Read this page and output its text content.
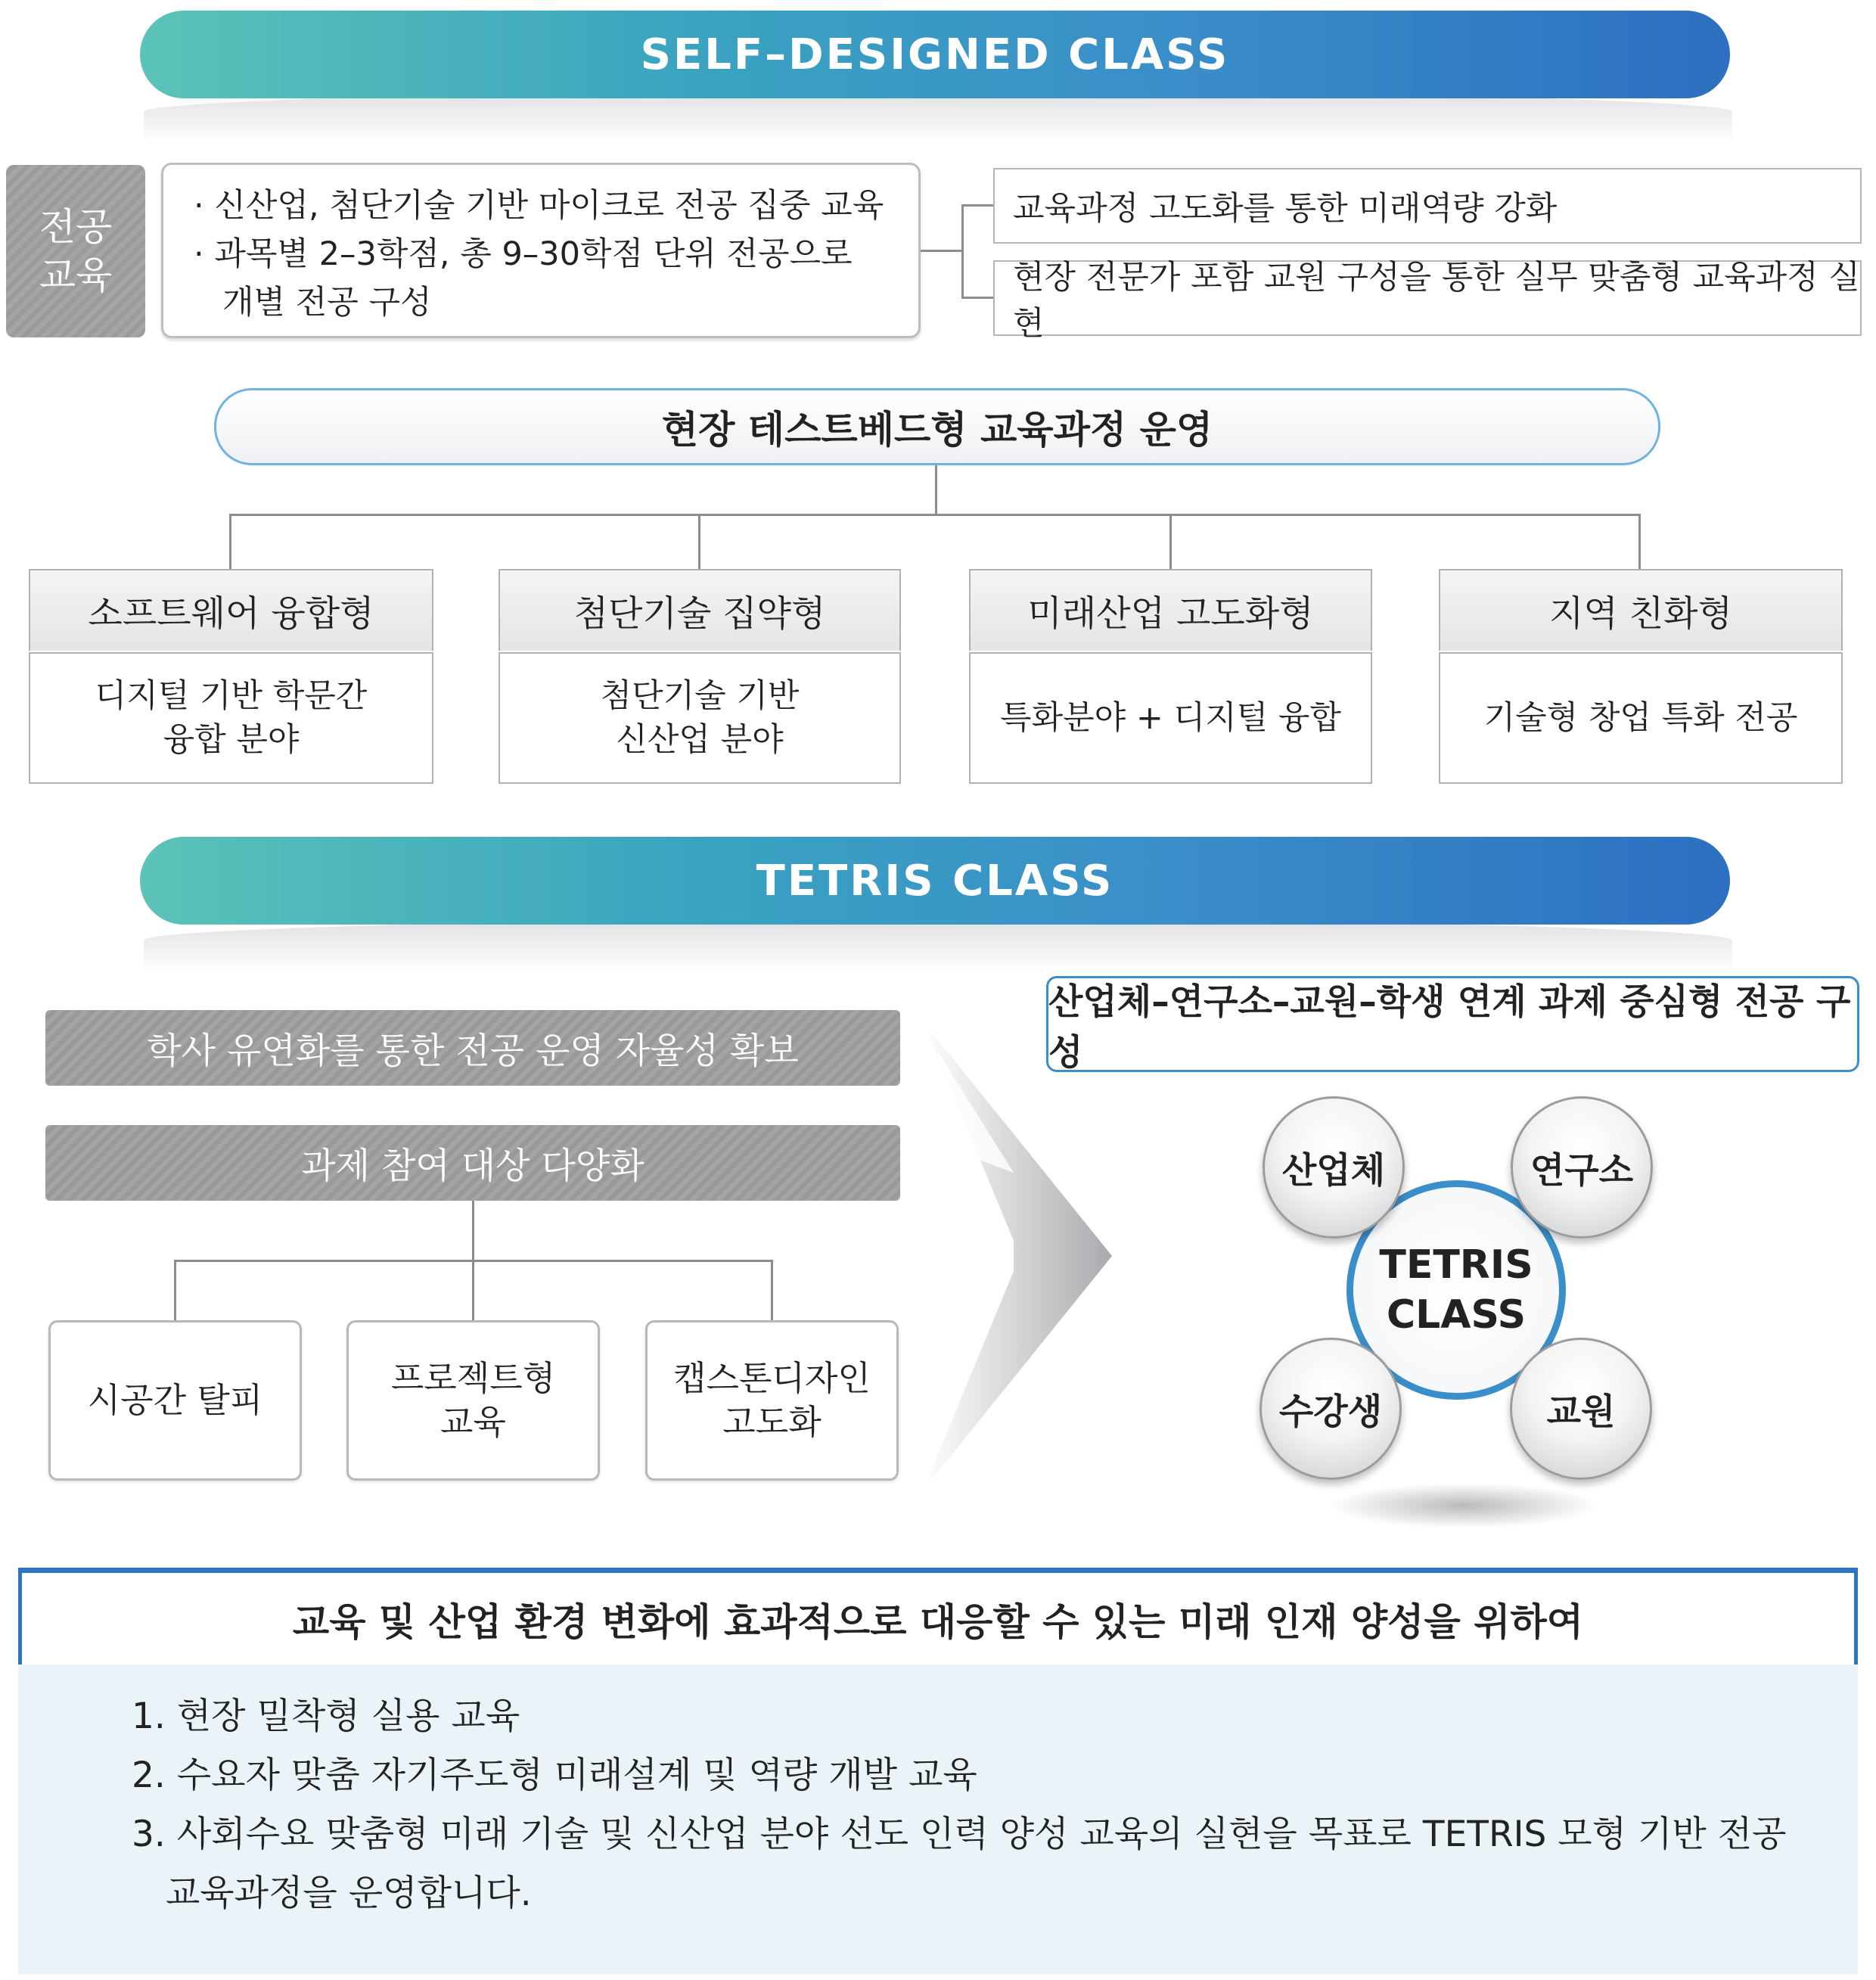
SELF–DESIGNED CLASS
전공
교육
· 신산업, 첨단기술 기반 마이크로 전공 집중 교육
· 과목별 2–3학점, 총 9–30학점 단위 전공으로
개별 전공 구성
교육과정 고도화를 통한 미래역량 강화
현장 전문가 포함 교원 구성을 통한 실무 맞춤형 교육과정 실현
현장 테스트베드형 교육과정 운영
소프트웨어 융합형
디지털 기반 학문간
융합 분야
첨단기술 집약형
첨단기술 기반
신산업 분야
미래산업 고도화형
특화분야 + 디지털 융합
지역 친화형
기술형 창업 특화 전공
TETRIS CLASS
학사 유연화를 통한 전공 운영 자율성 확보
과제 참여 대상 다양화
시공간 탈피
프로젝트형
교육
캡스톤디자인
고도화
산업체–연구소–교원–학생 연계 과제 중심형 전공 구성
TETRIS
CLASS
산업체	연구소
수강생	교원
교육 및 산업 환경 변화에 효과적으로 대응할 수 있는 미래 인재 양성을 위하여
1. 현장 밀착형 실용 교육
2. 수요자 맞춤 자기주도형 미래설계 및 역량 개발 교육
3. 사회수요 맞춤형 미래 기술 및 신산업 분야 선도 인력 양성 교육의 실현을 목표로 TETRIS 모형 기반 전공
교육과정을 운영합니다.
